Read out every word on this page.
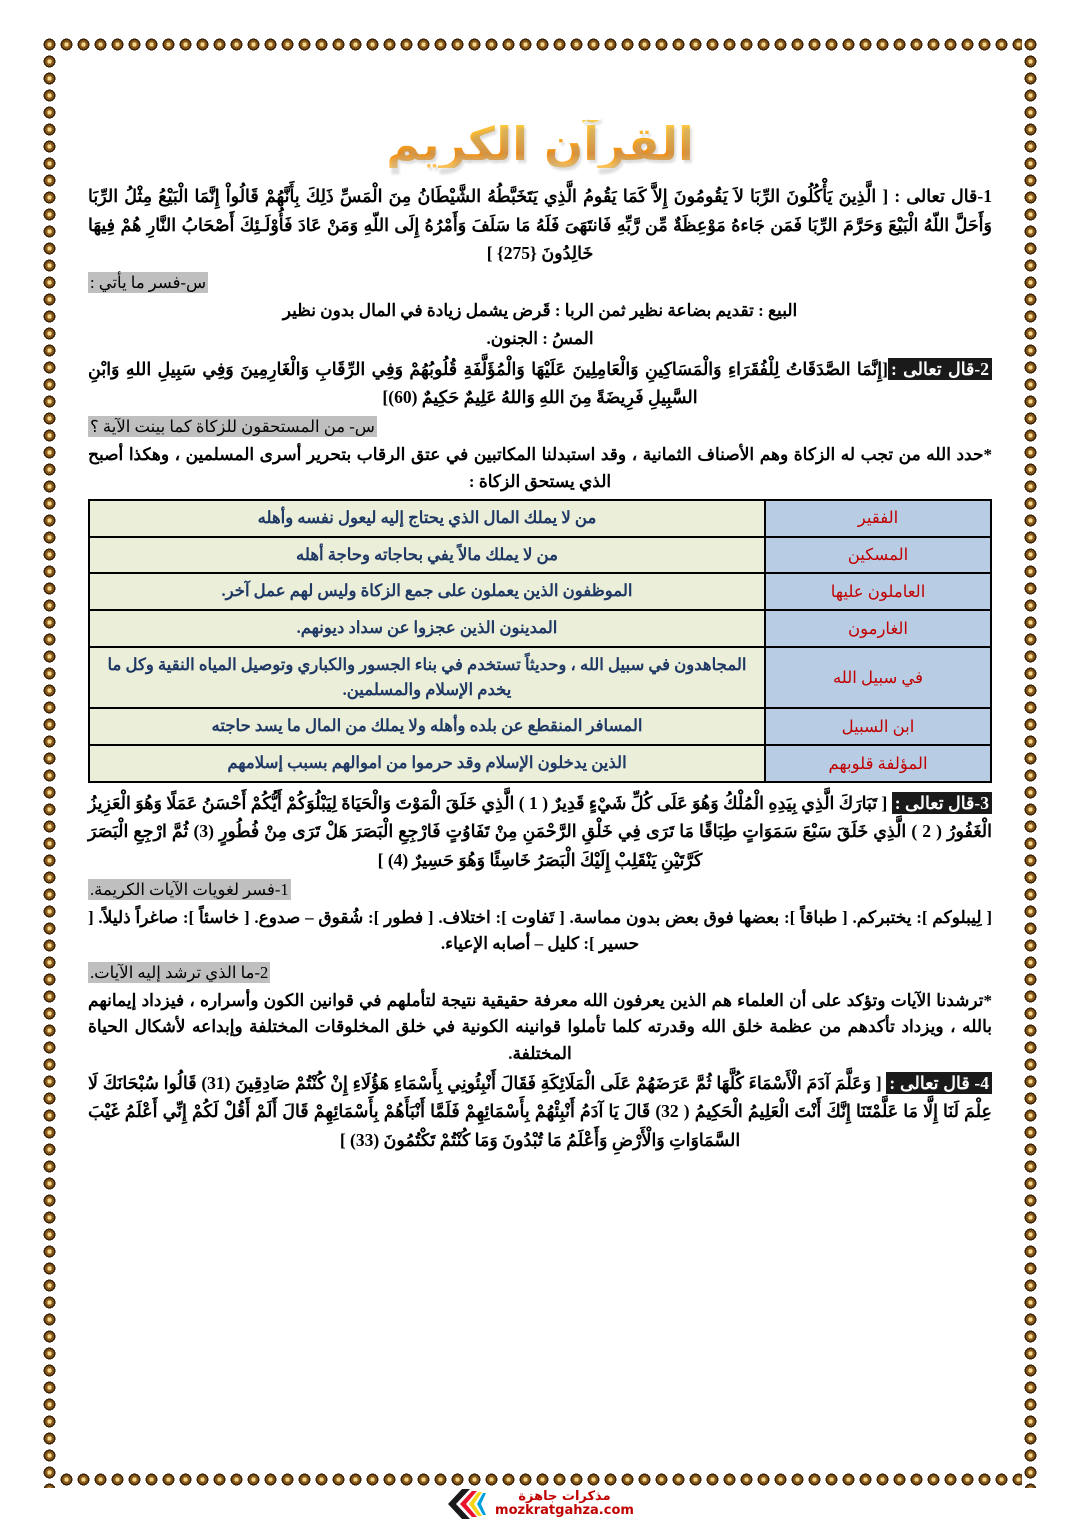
القرآن الكريم

1-قال تعالى : [ الَّذِينَ يَأْكُلُونَ الرِّبَا لاَ يَقُومُونَ إِلاَّ كَمَا يَقُومُ الَّذِي يَتَخَبَّطُهُ الشَّيْطَانُ مِنَ الْمَسِّ ذَلِكَ بِأَنَّهُمْ قَالُواْ إِنَّمَا الْبَيْعُ مِثْلُ الرِّبَا وَأَحَلَّ اللّهُ الْبَيْعَ وَحَرَّمَ الرِّبَا فَمَن جَاءهُ مَوْعِظَةٌ مِّن رَّبِّهِ فَانتَهَىَ فَلَهُ مَا سَلَفَ وَأَمْرُهُ إِلَى اللّهِ وَمَنْ عَادَ فَأُوْلَـئِكَ أَصْحَابُ النَّارِ هُمْ فِيهَا خَالِدُونَ {275} ]

س-فسر ما يأتي :

البيع : تقديم بضاعة نظير ثمن الربا : قَرض يشمل زيادة في المال بدون نظير

المسُ : الجنون.

2-قال تعالى :[إِنَّمَا الصَّدَقَاتُ لِلْفُقَرَاءِ وَالْمَسَاكِينِ وَالْعَامِلِينَ عَلَيْهَا وَالْمُؤَلَّفَةِ قُلُوبُهُمْ وَفِي الرِّقَابِ وَالْغَارِمِينَ وَفِي سَبِيلِ اللهِ وَابْنِ السَّبِيلِ فَرِيضَةً مِنَ اللهِ وَاللهُ عَلِيمٌ حَكِيمٌ (60)]

س- من المستحقون للزكاة كما بينت الآية ؟

*حدد الله من تجب له الزكاة وهم الأصناف الثمانية ، وقد استبدلنا المكاتبين في عتق الرقاب بتحرير أسرى المسلمين ، وهكذا أصبح الذي يستحق الزكاة :

الفقير	من لا يملك المال الذي يحتاج إليه ليعول نفسه وأهله
المسكين	من لا يملك مالاً يفي بحاجاته وحاجة أهله
العاملون عليها	الموظفون الذين يعملون على جمع الزكاة وليس لهم عمل آخر.
الغارمون	المدينون الذين عجزوا عن سداد ديونهم.
في سبيل الله	المجاهدون في سبيل الله ، وحديثاً تستخدم في بناء الجسور والكباري وتوصيل المياه النقية وكل ما يخدم الإسلام والمسلمين.
ابن السبيل	المسافر المنقطع عن بلده وأهله ولا يملك من المال ما يسد حاجته
المؤلفة قلوبهم	الذين يدخلون الإسلام وقد حرموا من اموالهم بسبب إسلامهم

3-قال تعالى : [ تَبَارَكَ الَّذِي بِيَدِهِ الْمُلْكُ وَهُوَ عَلَى كُلِّ شَيْءٍ قَدِيرٌ ( 1 ) الَّذِي خَلَقَ الْمَوْتَ وَالْحَيَاةَ لِيَبْلُوَكُمْ أَيُّكُمْ أَحْسَنُ عَمَلًا وَهُوَ الْعَزِيزُ الْغَفُورُ ( 2 ) الَّذِي خَلَقَ سَبْعَ سَمَوَاتٍ طِبَاقًا مَا تَرَى فِي خَلْقِ الرَّحْمَنِ مِنْ تَفَاوُتٍ فَارْجِعِ الْبَصَرَ هَلْ تَرَى مِنْ فُطُورٍ (3) ثُمَّ ارْجِعِ الْبَصَرَ كَرَّتَيْنِ يَنْقَلِبْ إِلَيْكَ الْبَصَرُ خَاسِئًا وَهُوَ حَسِيرٌ (4) ]

1-فسر لغويات الآيات الكريمة.

[ لِيبلوكم ]: يختبركم. [ طباقاً ]: بعضها فوق بعض بدون مماسة. [ تَفاوت ]: اختلاف. [ فطور ]: شُقوق – صدوع. [ خاسئاً ]: صاغراً ذليلاً. [ حسير ]: كليل – أصابه الإعياء.

2-ما الذي ترشد إليه الآيات.

*ترشدنا الآيات وتؤكد على أن العلماء هم الذين يعرفون الله معرفة حقيقية نتيجة لتأملهم في قوانين الكون وأسراره ، فيزداد إيمانهم بالله ، ويزداد تأكدهم من عظمة خلق الله وقدرته كلما تأملوا قوانينه الكونية في خلق المخلوقات المختلفة وإبداعه لأشكال الحياة المختلفة.

4- قال تعالى : [ وَعَلَّمَ آدَمَ الْأَسْمَاءَ كُلَّهَا ثُمَّ عَرَضَهُمْ عَلَى الْمَلَائِكَةِ فَقَالَ أَنْبِئُونِي بِأَسْمَاءِ هَؤُلَاءِ إِنْ كُنْتُمْ صَادِقِينَ (31) قَالُوا سُبْحَانَكَ لَا عِلْمَ لَنَا إِلَّا مَا عَلَّمْتَنَا إِنَّكَ أَنْتَ الْعَلِيمُ الْحَكِيمُ ( 32) قَالَ يَا آدَمُ أَنْبِئْهُمْ بِأَسْمَائِهِمْ فَلَمَّا أَنْبَأَهُمْ بِأَسْمَائِهِمْ قَالَ أَلَمْ أَقُلْ لَكُمْ إِنِّي أَعْلَمُ غَيْبَ السَّمَاوَاتِ وَالْأَرْضِ وَأَعْلَمُ مَا تُبْدُونَ وَمَا كُنْتُمْ تَكْتُمُونَ (33) ]

مذكرات جاهزة
mozkratgahza.com
